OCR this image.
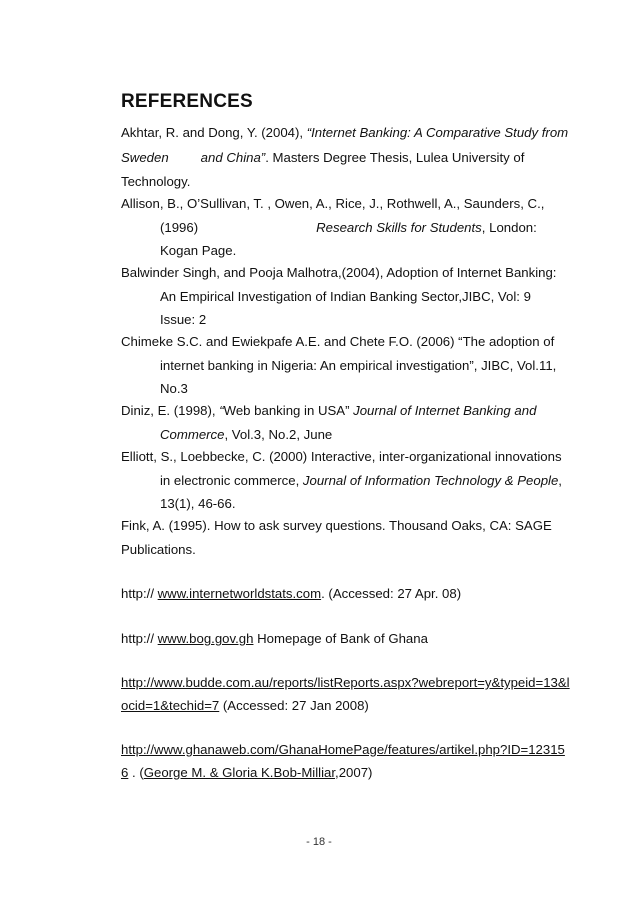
REFERENCES
Akhtar, R. and Dong, Y. (2004), “Internet Banking: A Comparative Study from
Sweden and China”. Masters Degree Thesis, Lulea University of
Technology.
Allison, B., O’Sullivan, T. , Owen, A., Rice, J., Rothwell, A., Saunders, C.,
(1996)	Research Skills for Students, London:
Kogan Page.
Balwinder Singh, and Pooja Malhotra,(2004), Adoption of Internet Banking:
An Empirical Investigation of Indian Banking Sector,JIBC, Vol: 9
Issue: 2
Chimeke S.C. and Ewiekpafe A.E. and Chete F.O. (2006) “The adoption of
internet banking in Nigeria: An empirical investigation”, JIBC, Vol.11,
No.3
Diniz, E. (1998), “Web banking in USA” Journal of Internet Banking and
Commerce, Vol.3, No.2, June
Elliott, S., Loebbecke, C. (2000) Interactive, inter-organizational innovations
in electronic commerce, Journal of Information Technology & People,
13(1), 46-66.
Fink, A. (1995). How to ask survey questions. Thousand Oaks, CA: SAGE
Publications.
http:// www.internetworldstats.com. (Accessed: 27 Apr. 08)
http:// www.bog.gov.gh Homepage of Bank of Ghana
http://www.budde.com.au/reports/listReports.aspx?webreport=y&typeid=13&l
ocid=1&techid=7 (Accessed: 27 Jan 2008)
http://www.ghanaweb.com/GhanaHomePage/features/artikel.php?ID=12315
6 . (George M. & Gloria K.Bob-Milliar,2007)
- 18 -
